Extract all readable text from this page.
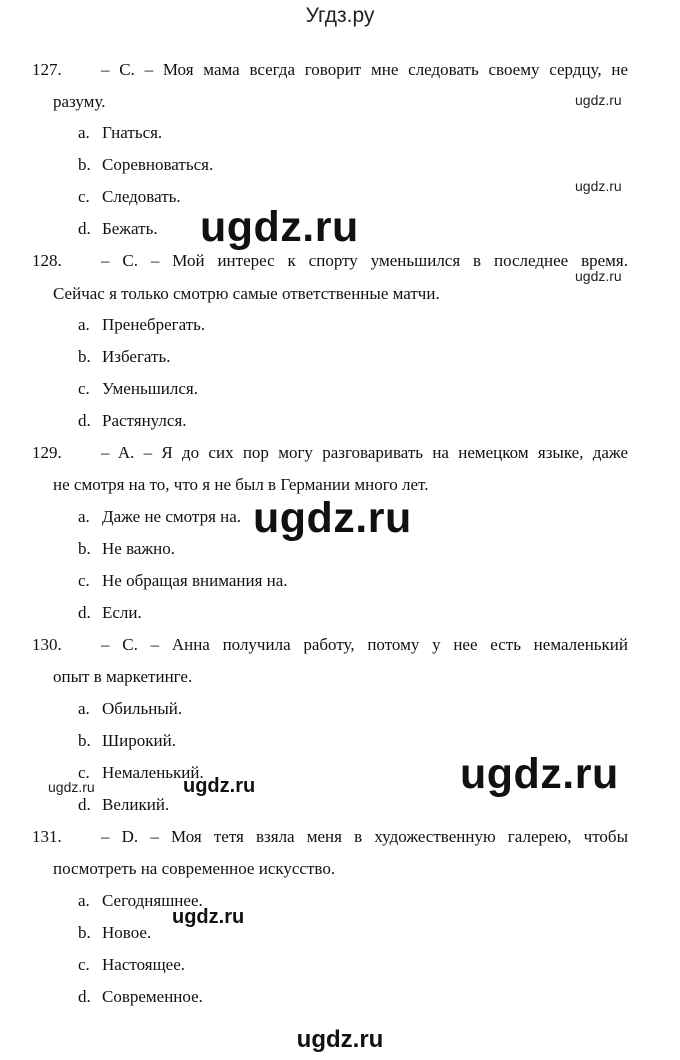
Угдз.ру
127. – C. – Моя мама всегда говорит мне следовать своему сердцу, не
разуму.
a. Гнаться.
b. Соревноваться.
c. Следовать.
d. Бежать.
128. – C. – Мой интерес к спорту уменьшился в последнее время.
Сейчас я только смотрю самые ответственные матчи.
a. Пренебрегать.
b. Избегать.
c. Уменьшился.
d. Растянулся.
129. – A. – Я до сих пор могу разговаривать на немецком языке, даже
не смотря на то, что я не был в Германии много лет.
a. Даже не смотря на.
b. Не важно.
c. Не обращая внимания на.
d. Если.
130. – C. – Анна получила работу, потому у нее есть немаленький
опыт в маркетинге.
a. Обильный.
b. Широкий.
c. Немаленький.
d. Великий.
131. – D. – Моя тетя взяла меня в художественную галерею, чтобы
посмотреть на современное искусство.
a. Сегодняшнее.
b. Новое.
c. Настоящее.
d. Современное.
ugdz.ru
ugdz.ru
ugdz.ru
ugdz.ru
ugdz.ru
ugdz.ru
ugdz.ru	ugdz.ru
ugdz.ru
ugdz.ru
